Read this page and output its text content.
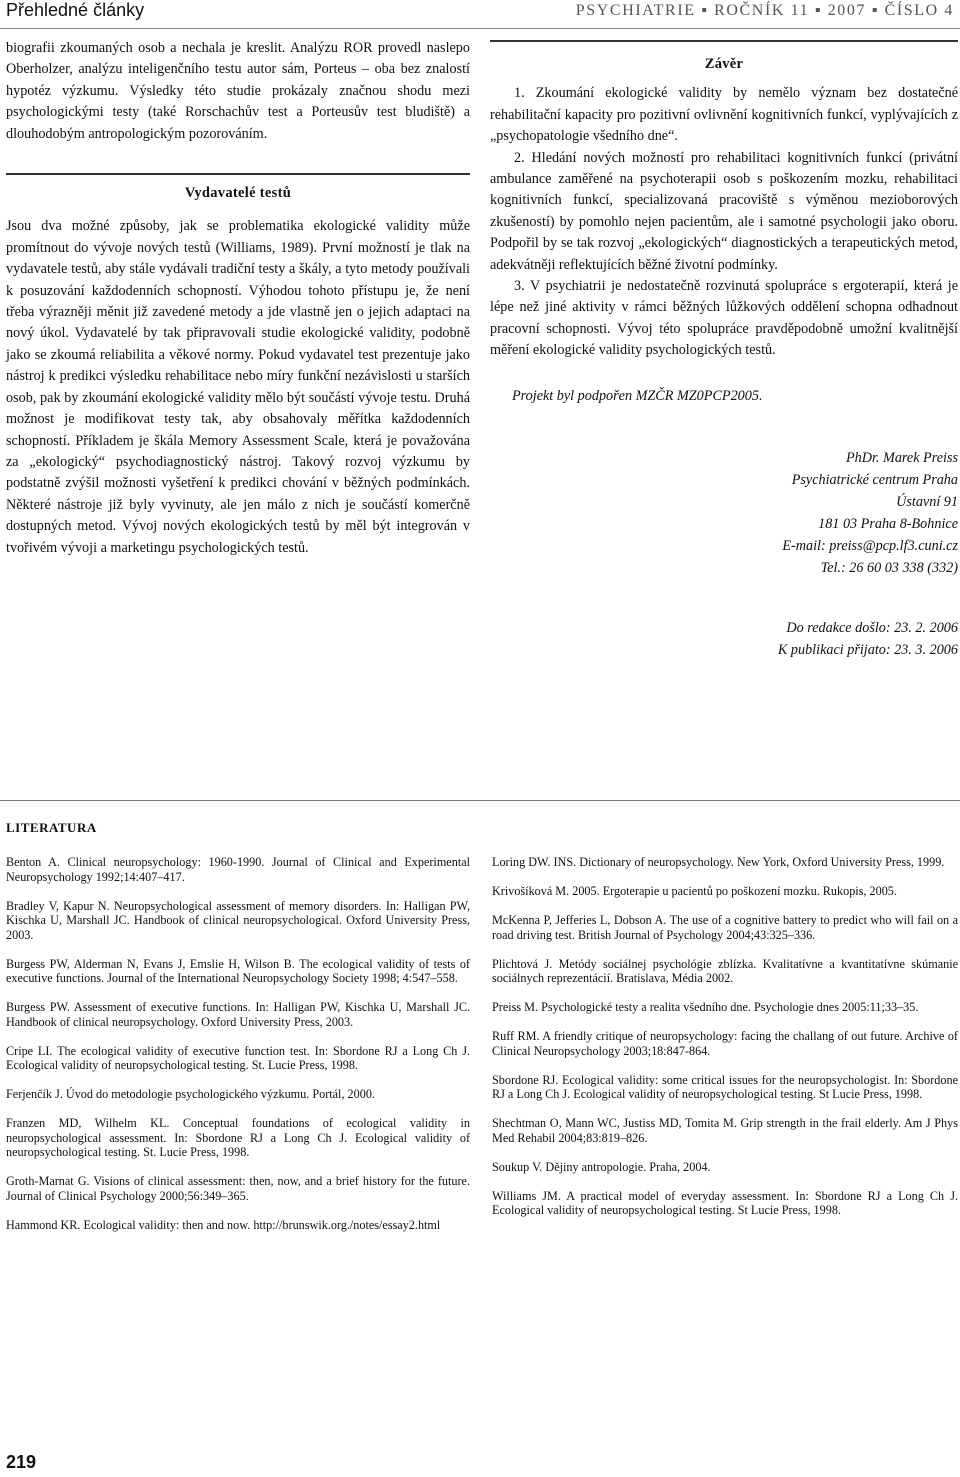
Přehledné články	PSYCHIATRIE ▪ ROČNÍK 11 ▪ 2007 ▪ ČÍSLO 4

biografii zkoumaných osob a nechala je kreslit. Analýzu ROR provedl naslepo Oberholzer, analýzu inteligenčního testu autor sám, Porteus – oba bez znalostí hypotéz výzkumu. Výsledky této studie prokázaly značnou shodu mezi psychologickými testy (také Rorschachův test a Porteusův test bludiště) a dlouhodobým antropologickým pozorováním.

Vydavatelé testů

Jsou dva možné způsoby, jak se problematika ekologické validity může promítnout do vývoje nových testů (Williams, 1989). První možností je tlak na vydavatele testů, aby stále vydávali tradiční testy a škály, a tyto metody používali k posuzování každodenních schopností. Výhodou tohoto přístupu je, že není třeba výrazněji měnit již zavedené metody a jde vlastně jen o jejich adaptaci na nový úkol. Vydavatelé by tak připravovali studie ekologické validity, podobně jako se zkoumá reliabilita a věkové normy. Pokud vydavatel test prezentuje jako nástroj k predikci výsledku rehabilitace nebo míry funkční nezávislosti u starších osob, pak by zkoumání ekologické validity mělo být součástí vývoje testu. Druhá možnost je modifikovat testy tak, aby obsahovaly měřítka každodenních schopností. Příkladem je škála Memory Assessment Scale, která je považována za „ekologický“ psychodiagnostický nástroj. Takový rozvoj výzkumu by podstatně zvýšil možnosti vyšetření k predikci chování v běžných podmínkách. Některé nástroje již byly vyvinuty, ale jen málo z nich je součástí komerčně dostupných metod. Vývoj nových ekologických testů by měl být integrován v tvořivém vývoji a marketingu psychologických testů.

Závěr

1. Zkoumání ekologické validity by nemělo význam bez dostatečné rehabilitační kapacity pro pozitivní ovlivnění kognitivních funkcí, vyplývajících z „psychopatologie všedního dne“.

2. Hledání nových možností pro rehabilitaci kognitivních funkcí (privátní ambulance zaměřené na psychoterapii osob s poškozením mozku, rehabilitaci kognitivních funkcí, specializovaná pracoviště s výměnou mezioborových zkušeností) by pomohlo nejen pacientům, ale i samotné psychologii jako oboru. Podpořil by se tak rozvoj „ekologických“ diagnostických a terapeutických metod, adekvátněji reflektujících běžné životní podmínky.

3. V psychiatrii je nedostatečně rozvinutá spolupráce s ergoterapií, která je lépe než jiné aktivity v rámci běžných lůžkových oddělení schopna odhadnout pracovní schopnosti. Vývoj této spolupráce pravděpodobně umožní kvalitnější měření ekologické validity psychologických testů.

Projekt byl podpořen MZČR MZ0PCP2005.
PhDr. Marek Preiss
Psychiatrické centrum Praha
Ústavní 91
181 03 Praha 8-Bohnice
E-mail: preiss@pcp.lf3.cuni.cz
Tel.: 26 60 03 338 (332)
Do redakce došlo: 23. 2. 2006
K publikaci přijato: 23. 3. 2006
LITERATURA

Benton A. Clinical neuropsychology: 1960-1990. Journal of Clinical and Experimental Neuropsychology 1992;14:407–417.

Bradley V, Kapur N. Neuropsychological assessment of memory disorders. In: Halligan PW, Kischka U, Marshall JC. Handbook of clinical neuropsychological. Oxford University Press, 2003.

Burgess PW, Alderman N, Evans J, Emslie H, Wilson B. The ecological validity of tests of executive functions. Journal of the International Neuropsychology Society 1998; 4:547–558.

Burgess PW. Assessment of executive functions. In: Halligan PW, Kischka U, Marshall JC. Handbook of clinical neuropsychology. Oxford University Press, 2003.

Cripe LI. The ecological validity of executive function test. In: Sbordone RJ a Long Ch J. Ecological validity of neuropsychological testing. St. Lucie Press, 1998.

Ferjenčík J. Úvod do metodologie psychologického výzkumu. Portál, 2000.

Franzen MD, Wilhelm KL. Conceptual foundations of ecological validity in neuropsychological assessment. In: Sbordone RJ a Long Ch J. Ecological validity of neuropsychological testing. St. Lucie Press, 1998.

Groth-Marnat G. Visions of clinical assessment: then, now, and a brief history for the future. Journal of Clinical Psychology 2000;56:349–365.

Hammond KR. Ecological validity: then and now. http://brunswik.org./notes/essay2.html

Loring DW. INS. Dictionary of neuropsychology. New York, Oxford University Press, 1999.

Krivošíková M. 2005. Ergoterapie u pacientů po poškození mozku. Rukopis, 2005.

McKenna P, Jefferies L, Dobson A. The use of a cognitive battery to predict who will fail on a road driving test. British Journal of Psychology 2004;43:325–336.

Plichtová J. Metódy sociálnej psychológie zblízka. Kvalitatívne a kvantitatívne skúmanie sociálnych reprezentácií. Bratislava, Média 2002.

Preiss M. Psychologické testy a realita všedního dne. Psychologie dnes 2005:11;33–35.

Ruff RM. A friendly critique of neuropsychology: facing the challang of out future. Archive of Clinical Neuropsychology 2003;18:847-864.

Sbordone RJ. Ecological validity: some critical issues for the neuropsychologist. In: Sbordone RJ a Long Ch J. Ecological validity of neuropsychological testing. St Lucie Press, 1998.

Shechtman O, Mann WC, Justiss MD, Tomita M. Grip strength in the frail elderly. Am J Phys Med Rehabil 2004;83:819–826.

Soukup V. Dějiny antropologie. Praha, 2004.

Williams JM. A practical model of everyday assessment. In: Sbordone RJ a Long Ch J. Ecological validity of neuropsychological testing. St Lucie Press, 1998.

219
